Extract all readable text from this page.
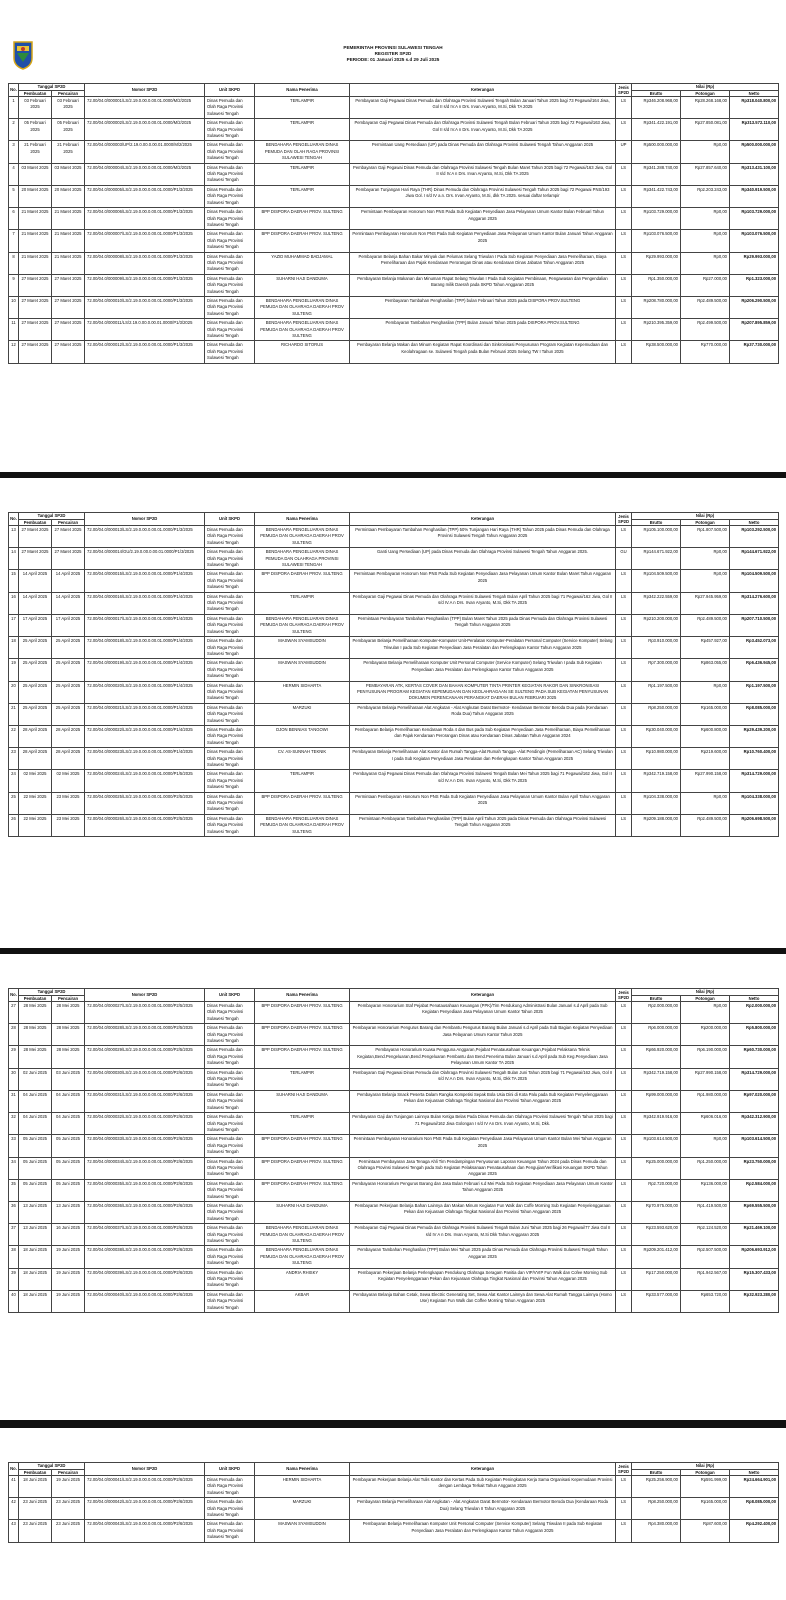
PEMERINTAH PROVINSI SULAWESI TENGAH
REGISTER SP2D
PERIODE: 01 Januari 2025 s.d 29 Juli 2025
No.	Tanggal SP2D		Nomor SP2D	Unit SKPD	Nama Penerima	Keterangan	Jenis SP2D	Nilai (Rp)		
	Pembuatan	Pencairan						Brutto	Potongan	Netto
1	03 Februari 2025	03 Februari 2025	72.00/04.0/000001/LS/2.19.0.00.0.00.01.0000/M/2/2025	Dinas Pemuda dan Olah Raga Provinsi Sulawesi Tengah	TERLAMPIR	Pembayaran Gaji Pegawai Dinas Pemuda dan Olahraga Provinsi Sulawesi Tengah Bulan Januari Tahun 2025 bagi 73 Pegawai/164 Jiwa, Gol II s/d IV.A n Drs. Irvan Aryanto, M.Si, Dkk TA 2025	LS	Rp346.208.968,00	Rp28.268.168,00	Rp318.040.800,00
2	05 Februari 2025	05 Februari 2025	72.00/04.0/000002/LS/2.19.0.00.0.00.01.0000/M/2/2025	Dinas Pemuda dan Olah Raga Provinsi Sulawesi Tengah	TERLAMPIR	Pembayaran Gaji Pegawai Dinas Pemuda dan Olahraga Provinsi Sulawesi Tengah Bulan Februari Tahun 2025 bagi 72 Pegawai/163 Jiwa, Gol II s/d IV.A n Drs. Irvan Aryanto, M.Si, Dkk TA 2025	LS	Rp341.422.191,00	Rp27.850.081,00	Rp313.572.110,00
3	21 Februari 2025	21 Februari 2025	72.00/04.0/000003/UP/2.19.0.00.0.00.01.0000/M/2/2025	Dinas Pemuda dan Olah Raga Provinsi Sulawesi Tengah	BENDAHARA PENGELUARAN DINAS PEMUDA DAN OLAH RAGA PROVINSI SULAWESI TENGAH	Permintaan Uang Persediaan (UP) pada Dinas Pemuda dan Olahraga Provinsi Sulawesi Tengah Tahun Anggaran 2025	UP	Rp500.000.000,00	Rp0,00	Rp500.000.000,00
4	03 Maret 2025	03 Maret 2025	72.00/04.0/000004/LS/2.19.0.00.0.00.01.0000/M/2/2025	Dinas Pemuda dan Olah Raga Provinsi Sulawesi Tengah	TERLAMPIR	Pembayaran Gaji Pegawai Dinas Pemuda dan Olahraga Provinsi Sulawesi Tengah Bulan Maret Tahun 2025 bagi 72 Pegawai/163 Jiwa, Gol II s/d IV.A n Drs. Irvan Aryanto, M.Si, Dkk TA 2025	LS	Rp341.288.740,00	Rp27.857.640,00	Rp313.431.100,00
5	20 Maret 2025	20 Maret 2025	72.00/04.0/000005/LS/2.19.0.00.0.00.01.0000/P1/3/2025	Dinas Pemuda dan Olah Raga Provinsi Sulawesi Tengah	TERLAMPIR	Pembayaran Tunjangan Hari Raya (THR) Dinas Pemuda dan Olahraga Provinsi Sulawesi Tengah Tahun 2025 bagi 72 Pegawai PNS/193 Jiwa Gol. I s/d IV a.n. Drs. Irvan Aryanto, M.Si, dkk TA 2025. sesuai daftar terlampir	LS	Rp341.422.743,00	Rp2.203.243,00	Rp340.919.500,00
6	21 Maret 2025	21 Maret 2025	72.00/04.0/000006/LS/2.19.0.00.0.00.01.0000/P1/3/2025	Dinas Pemuda dan Olah Raga Provinsi Sulawesi Tengah	BPP DISPORA DAERAH PROV. SULTENG	Permintaan Pembayaran Honorum Non PNS Pada Sub Kegiatan Penyediaan Jasa Pelayanan Umum Kantor Bulan Februari Tahun Anggaran 2025	LS	Rp103.729.000,00	Rp0,00	Rp103.729.000,00
7	21 Maret 2025	21 Maret 2025	72.00/04.0/000007/LS/2.19.0.00.0.00.01.0000/P1/3/2025	Dinas Pemuda dan Olah Raga Provinsi Sulawesi Tengah	BPP DISPORA DAERAH PROV. SULTENG	Permintaan Pembayaran Honorum Non PNS Pada Sub Kegiatan Penyediaan Jasa Pelayanan Umum Kantor Bulan Januari Tahun Anggaran 2025	LS	Rp103.076.500,00	Rp0,00	Rp103.076.500,00
8	21 Maret 2025	21 Maret 2025	72.00/04.0/000008/LS/2.19.0.00.0.00.01.0000/P1/3/2025	Dinas Pemuda dan Olah Raga Provinsi Sulawesi Tengah	YAZID MUHAMMAD BADJAMAL	Pembayaran Belanja Bahan Bakar Minyak dan Pelumas Selang Triwulan I Pada Sub Kegiatan Penyediaan Jasa Pemeliharaan, Biaya Pemeliharaan dan Pajak Kendaraan Perorangan Dinas atau Kendaraan Dinas Jabatan Tahun Anggaran 2025	LS	Rp29.993.000,00	Rp0,00	Rp29.993.000,00
9	27 Maret 2025	27 Maret 2025	72.00/04.0/000009/LS/2.19.0.00.0.00.01.0000/P1/3/2025	Dinas Pemuda dan Olah Raga Provinsi Sulawesi Tengah	SUHARNI HAJI DANDUMA	Pembayaran Belanja Makanan dan Minuman Rapat Selang Triwulan I Pada Sub Kegiatan Pembinaan, Pengawasan dan Pengendalian Barang milik Daerah pada SKPD Tahun Anggaran 2025	LS	Rp1.350.000,00	Rp27.000,00	Rp1.323.000,00
10	27 Maret 2025	27 Maret 2025	72.00/04.0/000010/LS/2.19.0.00.0.00.01.0000/P1/3/2025	Dinas Pemuda dan Olah Raga Provinsi Sulawesi Tengah	BENDAHARA PENGELUARAN DINAS PEMUDA DAN OLAHRAGA DAERAH PROV SULTENG	Pembayaran Tambahan Penghasilan (TPP) bulan Februari Tahun 2025 pada DISPORA PROV.SULTENG	LS	Rp208.780.000,00	Rp2.489.500,00	Rp206.290.500,00
11	27 Maret 2025	27 Maret 2025	72.00/04.0/000011/LS/2.19.0.00.0.00.01.0000/P1/3/2025	Dinas Pemuda dan Olah Raga Provinsi Sulawesi Tengah	BENDAHARA PENGELUARAN DINAS PEMUDA DAN OLAHRAGA DAERAH PROV SULTENG	Pembayaran Tambahan Penghasilan (TPP) Bulan Januari Tahun 2025 pada DISPORA PROV.SULTENG	LS	Rp210.395.359,00	Rp2.499.500,00	Rp207.895.859,00
12	27 Maret 2025	27 Maret 2025	72.00/04.0/000012/LS/2.19.0.00.0.00.01.0000/P1/3/2025	Dinas Pemuda dan Olah Raga Provinsi Sulawesi Tengah	RICHARDO SITORUS	Pembayaran Belanja Makan dan Minum Kegiatan Rapat Koordinasi dan Sinkronisasi Penyusunan Program Kegiatan Kepemudaan dan Keolahragaan se. Sulawesi Tengah pada Bulan Februari 2025 Selang TW I Tahun 2025	LS	Rp38.500.000,00	Rp770.000,00	Rp37.730.000,00
No.	Tanggal SP2D		Nomor SP2D	Unit SKPD	Nama Penerima	Keterangan	Jenis SP2D	Nilai (Rp)		
	Pembuatan	Pencairan						Brutto	Potongan	Netto
13	27 Maret 2025	27 Maret 2025	72.00/04.0/000013/LS/2.19.0.00.0.00.01.0000/P1/3/2025	Dinas Pemuda dan Olah Raga Provinsi Sulawesi Tengah	BENDAHARA PENGELUARAN DINAS PEMUDA DAN OLAHRAGA DAERAH PROV SULTENG	Permintaan Pembayaran Tambahan Penghasilan (TPP) 50% Tunjangan Hari Raya (THR) Tahun 2025 pada Dinas Pemuda dan Olahraga Provinsi Sulawesi Tengah Tahun Anggaran 2025	LS	Rp105.100.000,00	Rp1.807.500,00	Rp103.292.500,00
14	27 Maret 2025	27 Maret 2025	72.00/04.0/000014/GU/2.19.0.00.0.00.01.0000/P1/3/2025	Dinas Pemuda dan Olah Raga Provinsi Sulawesi Tengah	BENDAHARA PENGELUARAN DINAS PEMUDA DAN OLAHRAGA PROVINSI SULAWESI TENGAH	Ganti Uang Persediaan (UP) pada Dinas Pemuda dan Olahraga Provinsi Sulawesi Tengah Tahun Anggaran 2025.	GU	Rp144.671.922,00	Rp0,00	Rp144.671.922,00
15	14 April 2025	14 April 2025	72.00/04.0/000015/LS/2.19.0.00.0.00.01.0000/P1/4/2025	Dinas Pemuda dan Olah Raga Provinsi Sulawesi Tengah	BPP DISPORA DAERAH PROV. SULTENG	Permintaan Pembayaran Honorum Non PNS Pada Sub Kegiatan Penyediaan Jasa Pelayanan Umum Kantor Bulan Maret Tahun Anggaran 2025	LS	Rp104.509.500,00	Rp0,00	Rp104.509.500,00
16	14 April 2025	14 April 2025	72.00/04.0/000016/LS/2.19.0.00.0.00.01.0000/P1/4/2025	Dinas Pemuda dan Olah Raga Provinsi Sulawesi Tengah	TERLAMPIR	Pembayaran Gaji Pegawai Dinas Pemuda dan Olahraga Provinsi Sulawesi Tengah Bulan April Tahun 2025 bagi 71 Pegawai/162 Jiwa, Gol II s/d IV.A n Drs. Irvan Aryanto, M.Si, Dkk TA 2025	LS	Rp342.222.559,00	Rp27.945.959,00	Rp314.276.600,00
17	17 April 2025	17 April 2025	72.00/04.0/000017/LS/2.19.0.00.0.00.01.0000/P1/4/2025	Dinas Pemuda dan Olah Raga Provinsi Sulawesi Tengah	BENDAHARA PENGELUARAN DINAS PEMUDA DAN OLAHRAGA DAERAH PROV SULTENG	Permintaan Pembayaran Tambahan Penghasilan (TPP) Bulan Maret Tahun 2025 pada Dinas Pemuda dan Olahraga Provinsi Sulawesi Tengah Tahun Anggaran 2025	LS	Rp210.200.000,00	Rp2.489.500,00	Rp207.710.500,00
18	25 April 2025	25 April 2025	72.00/04.0/000018/LS/2.19.0.00.0.00.01.0000/P1/4/2025	Dinas Pemuda dan Olah Raga Provinsi Sulawesi Tengah	MASWAN SYAMSUDDIN	Pembayaran Belanja Pemeliharaan Komputer-Komputer Unit-Peralatan Komputer-Peralatan Personal Computer (Service Komputer) Selang Triwulan I pada Sub Kegiatan Penyediaan Jasa Peralatan dan Perlengkapan Kantor Tahun Anggaran 2025	LS	Rp3.910.000,00	Rp457.927,00	Rp3.452.073,00
19	25 April 2025	25 April 2025	72.00/04.0/000019/LS/2.19.0.00.0.00.01.0000/P1/4/2025	Dinas Pemuda dan Olah Raga Provinsi Sulawesi Tengah	MASWAN SYAMSUDDIN	Pembayaran Belanja Pemeliharaan Komputer Unit Personal Computer (Service Komputer) Selang Triwulan I pada Sub Kegiatan Penyediaan Jasa Peralatan dan Perlengkapan Kantor Tahun Anggaran 2025	LS	Rp7.300.000,00	Rp863.055,00	Rp6.436.945,00
20	25 April 2025	25 April 2025	72.00/04.0/000020/LS/2.19.0.00.0.00.01.0000/P1/4/2025	Dinas Pemuda dan Olah Raga Provinsi Sulawesi Tengah	HERMIN SIDHARTA	PEMBAYARAN ATK, KERTAS COVER DAN BAHAN KOMPUTER TINTA PRINTER KEGIATAN RAKOR DAN SINKRONISASI PENYUSUNAN PROGRAM KEGIATAN KEPEMUDAAN DAN KEOLAHRAGAAN SE SULTENG PADA SUB KEGIATAN PENYUSUNAN DOKUMEN PERENCANAAN PERANGKAT DAERAH BULAN FEBRUARI 2025	LS	Rp1.197.500,00	Rp0,00	Rp1.197.500,00
21	25 April 2025	25 April 2025	72.00/04.0/000021/LS/2.19.0.00.0.00.01.0000/P1/4/2025	Dinas Pemuda dan Olah Raga Provinsi Sulawesi Tengah	MARZUKI	Pembayaran Belanja Pemeliharaan Alat Angkutan - Alat Angkutan Darat Bermotor- Kendaraan Bermotor Beroda Dua pada (Kendaraan Roda Dua) Tahun Anggaran 2025	LS	Rp8.250.000,00	Rp165.000,00	Rp8.085.000,00
22	28 April 2025	28 April 2025	72.00/04.0/000022/LS/2.19.0.00.0.00.01.0000/P1/4/2025	Dinas Pemuda dan Olah Raga Provinsi Sulawesi Tengah	DJON BENNIAS TANGOWI	Pembayaran Belanja Pemeliharaan Kendaraan Roda 4 dan Bus pada Sub Kegiatan Penyediaan Jasa Pemeliharaan, Biaya Pemeliharaan dan Pajak Kendaraan Perorangan Dinas atau Kendaraan Dinas Jabatan Tahun Anggaran 2024	LS	Rp30.040.000,00	Rp600.800,00	Rp29.439.200,00
23	28 April 2025	28 April 2025	72.00/04.0/000023/LS/2.19.0.00.0.00.01.0000/P1/4/2025	Dinas Pemuda dan Olah Raga Provinsi Sulawesi Tengah	CV. AS-SUNNAH TEKNIK	Pembayaran Belanja Pemeliharaan Alat Kantor dan Rumah Tangga-Alat Rumah Tangga -Alat Pendingin (Pemeliharaan AC) Selang Triwulan I pada Sub Kegiatan Penyediaan Jasa Peralatan dan Perlengkapan Kantor Tahun Anggaran 2025	LS	Rp10.980.000,00	Rp219.600,00	Rp10.760.400,00
24	02 Mei 2025	02 Mei 2025	72.00/04.0/000024/LS/2.19.0.00.0.00.01.0000/P1/5/2025	Dinas Pemuda dan Olah Raga Provinsi Sulawesi Tengah	TERLAMPIR	Pembayaran Gaji Pegawai Dinas Pemuda dan Olahraga Provinsi Sulawesi Tengah Bulan Mei Tahun 2025 bagi 71 Pegawai/162 Jiwa, Gol II s/d IV.A n Drs. Irvan Aryanto, M.Si, Dkk TA 2025	LS	Rp342.719.158,00	Rp27.990.158,00	Rp314.729.000,00
25	22 Mei 2025	23 Mei 2025	72.00/04.0/000025/LS/2.19.0.00.0.00.01.0000/P2/5/2025	Dinas Pemuda dan Olah Raga Provinsi Sulawesi Tengah	BPP DISPORA DAERAH PROV. SULTENG	Permintaan Pembayaran Honorum Non PNS Pada Sub Kegiatan Penyediaan Jasa Pelayanan Umum Kantor Bulan April Tahun Anggaran 2025	LS	Rp104.338.000,00	Rp0,00	Rp104.338.000,00
26	22 Mei 2025	23 Mei 2025	72.00/04.0/000026/LS/2.19.0.00.0.00.01.0000/P2/5/2025	Dinas Pemuda dan Olah Raga Provinsi Sulawesi Tengah	BENDAHARA PENGELUARAN DINAS PEMUDA DAN OLAHRAGA DAERAH PROV SULTENG	Permintaan Pembayaran Tambahan Penghasilan (TPP) Bulan April Tahun 2025 pada Dinas Pemuda dan Olahraga Provinsi Sulawesi Tengah Tahun Anggaran 2025	LS	Rp209.188.000,00	Rp2.489.500,00	Rp206.698.500,00
No.	Tanggal SP2D		Nomor SP2D	Unit SKPD	Nama Penerima	Keterangan	Jenis SP2D	Nilai (Rp)		
	Pembuatan	Pencairan						Brutto	Potongan	Netto
27	28 Mei 2025	28 Mei 2025	72.00/04.0/000027/LS/2.19.0.00.0.00.01.0000/P2/5/2025	Dinas Pemuda dan Olah Raga Provinsi Sulawesi Tengah	BPP DISPORA DAERAH PROV. SULTENG	Pembayaran Honorarium Staf Pejabat Penatausahaan Keuangan (PPK)/Tim Pendukung Administrasi Bulan Januari s.d April pada Sub Kegiatan Penyediaan Jasa Pelayanan Umum Kantor Tahun 2025	LS	Rp2.000.000,00	Rp0,00	Rp2.000.000,00
28	28 Mei 2025	28 Mei 2025	72.00/04.0/000028/LS/2.19.0.00.0.00.01.0000/P2/5/2025	Dinas Pemuda dan Olah Raga Provinsi Sulawesi Tengah	BPP DISPORA DAERAH PROV. SULTENG	Pembayaran Honorarium Pengurus Barang dan Pembantu Pengurus Barang Bulan Januari s.d April pada Sub Bagian Kegiatan Penyediaan Jasa Pelayanan Umum Kantor Tahun 2025	LS	Rp6.000.000,00	Rp200.000,00	Rp5.800.000,00
29	28 Mei 2025	28 Mei 2025	72.00/04.0/000029/LS/2.19.0.00.0.00.01.0000/P2/5/2025	Dinas Pemuda dan Olah Raga Provinsi Sulawesi Tengah	BPP DISPORA DAERAH PROV. SULTENG	Pembayaran Honorarium Kuasa Pengguna Anggaran,Pejabat Penatausahaan Keuangan,Pejabat Pelaksana Teknis Kegiatan,Bend.Pengeluaran,Bend.Pengeluaran Pembantu dan Bend.Penerima Bulan Januari s.d April pada Sub Keg.Penyediaan Jasa Pelayanan Umum Kantor TA 2025	LS	Rp66.920.000,00	Rp6.190.000,00	Rp60.730.000,00
30	02 Juni 2025	03 Juni 2025	72.00/04.0/000030/LS/2.19.0.00.0.00.01.0000/P2/6/2025	Dinas Pemuda dan Olah Raga Provinsi Sulawesi Tengah	TERLAMPIR	Pembayaran Gaji Pegawai Dinas Pemuda dan Olahraga Provinsi Sulawesi Tengah Bulan Juni Tahun 2025 bagi 71 Pegawai/162 Jiwa, Gol II s/d IV.A n Drs. Irvan Aryanto, M.Si, Dkk TA 2025	LS	Rp342.719.158,00	Rp27.990.158,00	Rp314.729.000,00
31	04 Juni 2025	04 Juni 2025	72.00/04.0/000031/LS/2.19.0.00.0.00.01.0000/P2/6/2025	Dinas Pemuda dan Olah Raga Provinsi Sulawesi Tengah	SUHARNI HAJI DANDUMA	Pembayaran Belanja Snack Peserta Dalam Rangka Kompetisi Sepak Bola Usia Dini di Kota Palu pada Sub Kegiatan Penyelenggaraan Pekan dan Kejuaraan Olahraga Tingkat Nasional dan Provinsi Tahun Anggaran 2025	LS	Rp99.000.000,00	Rp1.980.000,00	Rp97.020.000,00
32	04 Juni 2025	04 Juni 2025	72.00/04.0/000032/LS/2.19.0.00.0.00.01.0000/P2/6/2025	Dinas Pemuda dan Olah Raga Provinsi Sulawesi Tengah	TERLAMPIR	Pembayaran Gaji dan Tunjangan Lainnya Bulan Ketiga Belas Pada Dinas Pemuda dan Olahraga Provinsi Sulawesi Tengah Tahun 2025 bagi 71 Pegawai/162 Jiwa Golongan I s/d IV An Drs. Irvan Aryanto, M.Si, Dkk.	LS	Rp342.919.916,00	Rp606.016,00	Rp342.312.900,00
33	05 Juni 2025	05 Juni 2025	72.00/04.0/000033/LS/2.19.0.00.0.00.01.0000/P2/6/2025	Dinas Pemuda dan Olah Raga Provinsi Sulawesi Tengah	BPP DISPORA DAERAH PROV. SULTENG	Permintaan Pembayaran Honorarium Non PNS Pada Sub Kegiatan Penyediaan Jasa Pelayanan Umum Kantor Bulan Mei Tahun Anggaran 2025	LS	Rp103.614.500,00	Rp0,00	Rp103.614.500,00
34	05 Juni 2025	05 Juni 2025	72.00/04.0/000034/LS/2.19.0.00.0.00.01.0000/P2/6/2025	Dinas Pemuda dan Olah Raga Provinsi Sulawesi Tengah	BPP DISPORA DAERAH PROV. SULTENG	Permintaan Pembayaran Jasa Tenaga Ahli Tim Pendampingan Penyusunan Laporan Keuangan Tahun 2024 pada Dinas Pemuda dan Olahraga Provinsi Sulawesi Tengah pada Sub Kegiatan Pelaksanaan Penatausahaan dan Pengujian/Verifikasi Keuangan SKPD Tahun Anggaran 2025	LS	Rp25.000.000,00	Rp1.250.000,00	Rp23.750.000,00
35	05 Juni 2025	05 Juni 2025	72.00/04.0/000035/LS/2.19.0.00.0.00.01.0000/P2/6/2025	Dinas Pemuda dan Olah Raga Provinsi Sulawesi Tengah	BPP DISPORA DAERAH PROV. SULTENG	Pembayaran Honorarium Pengurus Barang dan Jasa Bulan Februari s.d Mei Pada Sub Kegiatan Penyediaan Jasa Pelayanan Umum Kantor Tahun Anggaran 2025	LS	Rp2.720.000,00	Rp136.000,00	Rp2.584.000,00
36	13 Juni 2025	13 Juni 2025	72.00/04.0/000036/LS/2.19.0.00.0.00.01.0000/P2/6/2025	Dinas Pemuda dan Olah Raga Provinsi Sulawesi Tengah	SUHARNI HAJI DANDUMA	Pembayaran Pekerjaan Belanja Bahan Lainnya dan Makan Minum Kegiatan Fun Walk dan Coffe Morning Sub Kegiatan Penyelenggaraan Pekan dan Kejuaraan Olahraga Tingkat Nasional dan Provinsi Tahun Anggaran 2025	LS	Rp70.975.000,00	Rp1.419.500,00	Rp69.555.500,00
37	13 Juni 2025	16 Juni 2025	72.00/04.0/000037/LS/2.19.0.00.0.00.01.0000/P2/6/2025	Dinas Pemuda dan Olah Raga Provinsi Sulawesi Tengah	BENDAHARA PENGELUARAN DINAS PEMUDA DAN OLAHRAGA DAERAH PROV SULTENG	Pembayaran Gaji Pegawai Dinas Pemuda dan Olahraga Provinsi Sulawesi Tengah Bulan Juni Tahun 2025 bagi 26 Pegawai/77 Jiwa Gol II s/d IV A n Drs. Irvan Aryanto, M.Si Dkk Tahun Anggaran 2025	LS	Rp23.593.620,00	Rp2.124.520,00	Rp21.469.100,00
38	18 Juni 2025	19 Juni 2025	72.00/04.0/000038/LS/2.19.0.00.0.00.01.0000/P2/6/2025	Dinas Pemuda dan Olah Raga Provinsi Sulawesi Tengah	BENDAHARA PENGELUARAN DINAS PEMUDA DAN OLAHRAGA DAERAH PROV SULTENG	Pembayaran Tambahan Penghasilan (TPP) Bulan Mei Tahun 2025 pada Dinas Pemuda dan Olahraga Provinsi Sulawesi Tengah Tahun Anggaran 2025	LS	Rp209.201.412,00	Rp2.507.500,00	Rp206.693.912,00
39	18 Juni 2025	19 Juni 2025	72.00/04.0/000039/LS/2.19.0.00.0.00.01.0000/P2/6/2025	Dinas Pemuda dan Olah Raga Provinsi Sulawesi Tengah	ANDRIA RHISKY	Pembayaran Pekerjaan Belanja Perlengkapan Pendukung Olahraga Seragam Panitia dan VIP/VVIP Fun Walk dan Cofee Morning Sub Kegiatan Penyelenggaraan Pekan dan Kejuaraan Olahraga Tingkat Nasional dan Provinsi Tahun Anggaran 2025	LS	Rp17.250.000,00	Rp1.942.567,00	Rp15.307.433,00
40	18 Juni 2025	19 Juni 2025	72.00/04.0/000040/LS/2.19.0.00.0.00.01.0000/P2/6/2025	Dinas Pemuda dan Olah Raga Provinsi Sulawesi Tengah	AKBAR	Pembayaran Belanja Bahan Cetak, Sewa Electric Generating Set, Sewa Alat Kantor Lainnya dan Sewa Alat Rumah Tangga Lainnya (Homo Use) Kegiatan Fun Walk dan Coffee Morning Tahun Anggaran 2025	LS	Rp33.577.000,00	Rp653.720,00	Rp32.923.280,00
No.	Tanggal SP2D		Nomor SP2D	Unit SKPD	Nama Penerima	Keterangan	Jenis SP2D	Nilai (Rp)		
	Pembuatan	Pencairan						Brutto	Potongan	Netto
41	18 Juni 2025	19 Juni 2025	72.00/04.0/000041/LS/2.19.0.00.0.00.01.0000/P2/6/2025	Dinas Pemuda dan Olah Raga Provinsi Sulawesi Tengah	HERMIN SIDHARTA	Pembayaran Pekerjaan Belanja Alat Tulis Kantor dan Kertas Pada Sub Kegiatan Peningkatan Kerja Sama Organisasi Kepemudaan Provinsi dengan Lembaga Terkait Tahun Anggaran 2025	LS	Rp25.256.900,00	Rp591.999,00	Rp24.664.901,00
42	23 Juni 2025	23 Juni 2025	72.00/04.0/000042/LS/2.19.0.00.0.00.01.0000/P2/6/2025	Dinas Pemuda dan Olah Raga Provinsi Sulawesi Tengah	MARZUKI	Pembayaran Belanja Pemeliharaan Alat Angkutan - Alat Angkutan Darat Bermotor- Kendaraan Bermotor Beroda Dua (Kendaraan Roda Dua) Selang Triwulan II Tahun Anggaran 2025	LS	Rp8.250.000,00	Rp165.000,00	Rp8.085.000,00
43	23 Juni 2025	23 Juni 2025	72.00/04.0/000043/LS/2.19.0.00.0.00.01.0000/P2/6/2025	Dinas Pemuda dan Olah Raga Provinsi Sulawesi Tengah	MASWAN SYAMSUDDIN	Pembayaran Belanja Pemeliharaan Komputer Unit Personal Computer (Service Komputer) Selang Triwulan II pada Sub Kegiatan Penyediaan Jasa Peralatan dan Perlengkapan Kantor Tahun Anggaran 2025	LS	Rp4.380.000,00	Rp87.600,00	Rp4.292.400,00
